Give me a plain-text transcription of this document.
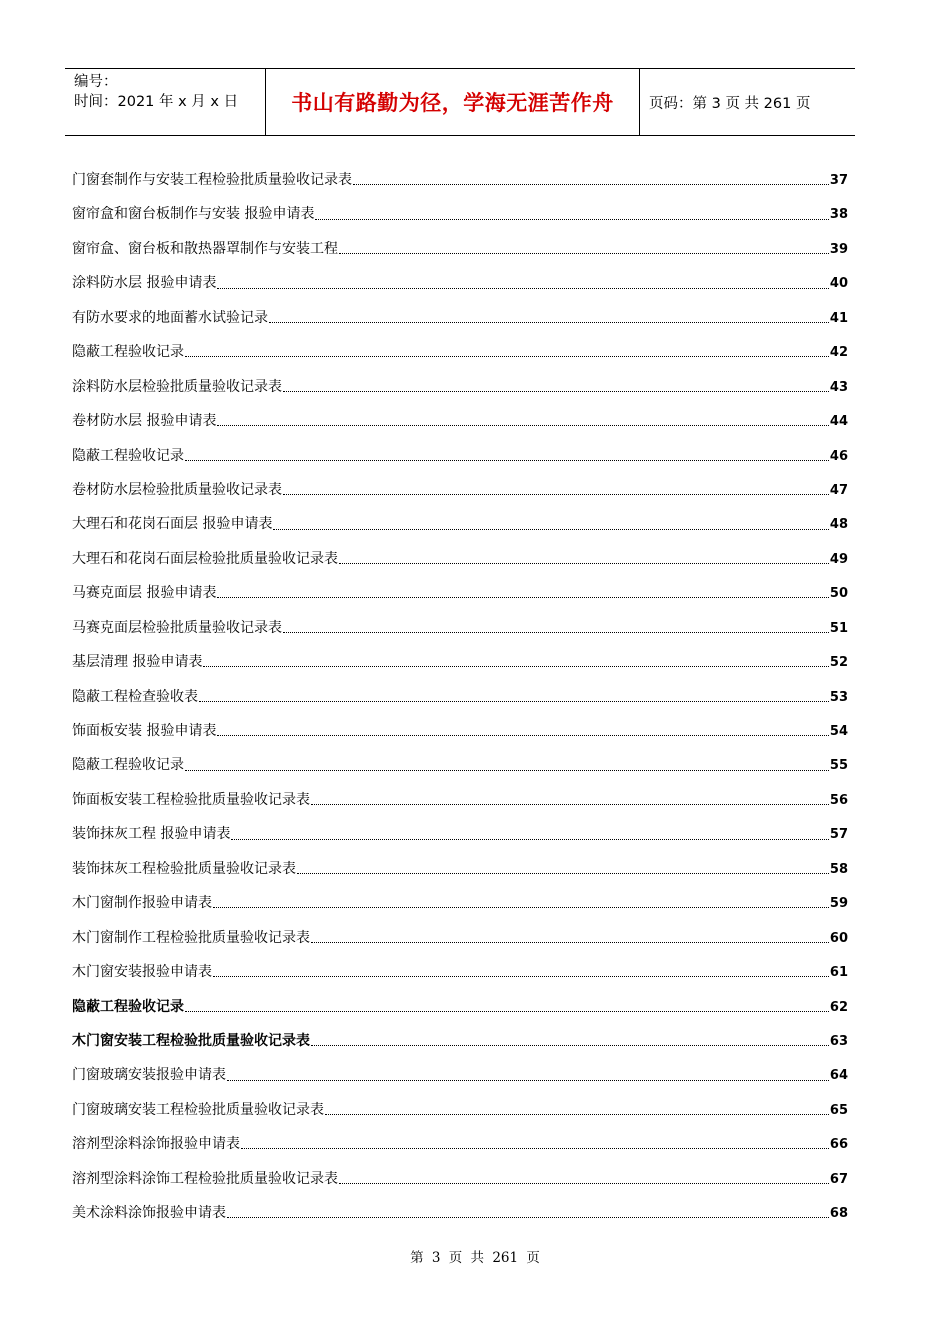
编号：
时间：2021 年 x 月 x 日	书山有路勤为径，学海无涯苦作舟 页码：第 3 页 共 261 页
门窗套制作与安装工程检验批质量验收记录表	37
窗帘盒和窗台板制作与安装 报验申请表	38
窗帘盒、窗台板和散热器罩制作与安装工程	39
涂料防水层 报验申请表	40
有防水要求的地面蓄水试验记录	41
隐蔽工程验收记录	42
涂料防水层检验批质量验收记录表	43
卷材防水层 报验申请表	44
隐蔽工程验收记录	46
卷材防水层检验批质量验收记录表	47
大理石和花岗石面层 报验申请表	48
大理石和花岗石面层检验批质量验收记录表	49
马赛克面层 报验申请表	50
马赛克面层检验批质量验收记录表	51
基层清理 报验申请表	52
隐蔽工程检查验收表	53
饰面板安装 报验申请表	54
隐蔽工程验收记录	55
饰面板安装工程检验批质量验收记录表	56
装饰抹灰工程 报验申请表	57
装饰抹灰工程检验批质量验收记录表	58
木门窗制作报验申请表	59
木门窗制作工程检验批质量验收记录表	60
木门窗安装报验申请表	61
隐蔽工程验收记录	62
木门窗安装工程检验批质量验收记录表	63
门窗玻璃安装报验申请表	64
门窗玻璃安装工程检验批质量验收记录表	65
溶剂型涂料涂饰报验申请表	66
溶剂型涂料涂饰工程检验批质量验收记录表	67
美术涂料涂饰报验申请表	68
第 3 页 共 261 页
